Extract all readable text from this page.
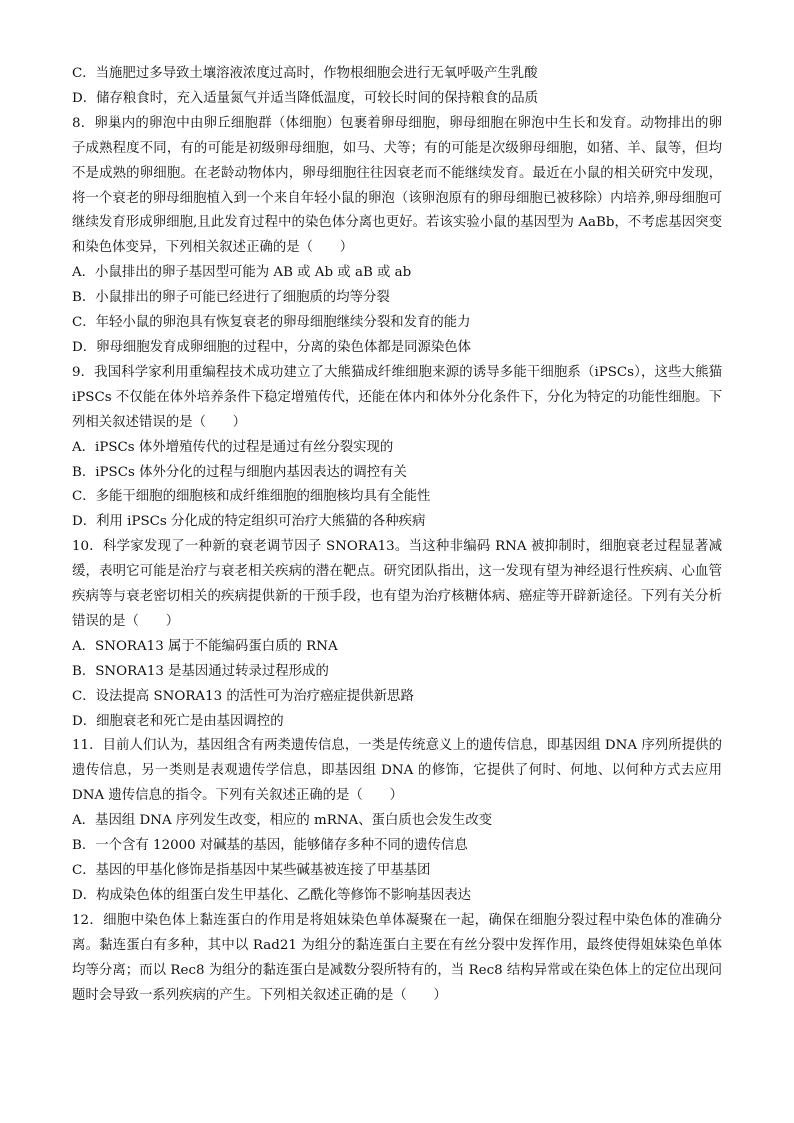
C．当施肥过多导致土壤溶液浓度过高时，作物根细胞会进行无氧呼吸产生乳酸

D．储存粮食时，充入适量氮气并适当降低温度，可较长时间的保持粮食的品质

8．卵巢内的卵泡中由卵丘细胞群（体细胞）包裹着卵母细胞，卵母细胞在卵泡中生长和发育。动物排出的卵子成熟程度不同，有的可能是初级卵母细胞，如马、犬等；有的可能是次级卵母细胞，如猪、羊、鼠等，但均不是成熟的卵细胞。在老龄动物体内，卵母细胞往往因衰老而不能继续发育。最近在小鼠的相关研究中发现，将一个衰老的卵母细胞植入到一个来自年轻小鼠的卵泡（该卵泡原有的卵母细胞已被移除）内培养,卵母细胞可继续发育形成卵细胞,且此发育过程中的染色体分离也更好。若该实验小鼠的基因型为 AaBb，不考虑基因突变和染色体变异，下列相关叙述正确的是（　　）

A．小鼠排出的卵子基因型可能为 AB 或 Ab 或 aB 或 ab

B．小鼠排出的卵子可能已经进行了细胞质的均等分裂

C．年轻小鼠的卵泡具有恢复衰老的卵母细胞继续分裂和发育的能力

D．卵母细胞发育成卵细胞的过程中，分离的染色体都是同源染色体

9．我国科学家利用重编程技术成功建立了大熊猫成纤维细胞来源的诱导多能干细胞系（iPSCs），这些大熊猫 iPSCs 不仅能在体外培养条件下稳定增殖传代，还能在体内和体外分化条件下，分化为特定的功能性细胞。下列相关叙述错误的是（　　）

A．iPSCs 体外增殖传代的过程是通过有丝分裂实现的

B．iPSCs 体外分化的过程与细胞内基因表达的调控有关

C．多能干细胞的细胞核和成纤维细胞的细胞核均具有全能性

D．利用 iPSCs 分化成的特定组织可治疗大熊猫的各种疾病

10．科学家发现了一种新的衰老调节因子 SNORA13。当这种非编码 RNA 被抑制时，细胞衰老过程显著减缓，表明它可能是治疗与衰老相关疾病的潜在靶点。研究团队指出，这一发现有望为神经退行性疾病、心血管疾病等与衰老密切相关的疾病提供新的干预手段，也有望为治疗核糖体病、癌症等开辟新途径。下列有关分析错误的是（　　）

A．SNORA13 属于不能编码蛋白质的 RNA

B．SNORA13 是基因通过转录过程形成的

C．设法提高 SNORA13 的活性可为治疗癌症提供新思路

D．细胞衰老和死亡是由基因调控的

11．目前人们认为，基因组含有两类遗传信息，一类是传统意义上的遗传信息，即基因组 DNA 序列所提供的遗传信息，另一类则是表观遗传学信息，即基因组 DNA 的修饰，它提供了何时、何地、以何种方式去应用DNA 遗传信息的指令。下列有关叙述正确的是（　　）

A．基因组 DNA 序列发生改变，相应的 mRNA、蛋白质也会发生改变

B．一个含有 12000 对碱基的基因，能够储存多种不同的遗传信息

C．基因的甲基化修饰是指基因中某些碱基被连接了甲基基团

D．构成染色体的组蛋白发生甲基化、乙酰化等修饰不影响基因表达

12．细胞中染色体上黏连蛋白的作用是将姐妹染色单体凝聚在一起，确保在细胞分裂过程中染色体的准确分离。黏连蛋白有多种，其中以 Rad21 为组分的黏连蛋白主要在有丝分裂中发挥作用，最终使得姐妹染色单体均等分离；而以 Rec8 为组分的黏连蛋白是减数分裂所特有的，当 Rec8 结构异常或在染色体上的定位出现问题时会导致一系列疾病的产生。下列相关叙述正确的是（　　）
